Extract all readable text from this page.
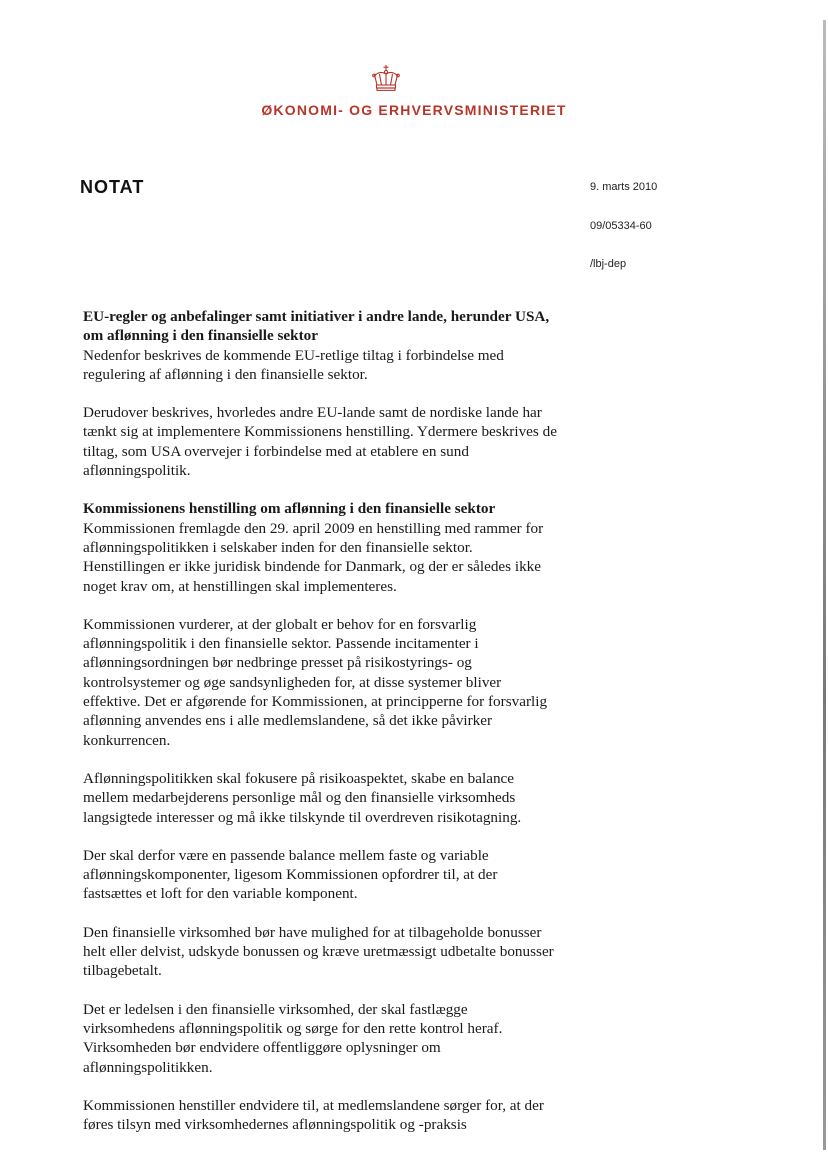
ØKONOMI- OG ERHVERVSMINISTERIET
NOTAT	9. marts 2010
09/05334-60
/lbj-dep
EU-regler og anbefalinger samt initiativer i andre lande, herunder USA, om aflønning i den finansielle sektor

Nedenfor beskrives de kommende EU-retlige tiltag i forbindelse med regulering af aflønning i den finansielle sektor.

Derudover beskrives, hvorledes andre EU-lande samt de nordiske lande har tænkt sig at implementere Kommissionens henstilling. Ydermere beskrives de tiltag, som USA overvejer i forbindelse med at etablere en sund aflønningspolitik.

Kommissionens henstilling om aflønning i den finansielle sektor

Kommissionen fremlagde den 29. april 2009 en henstilling med rammer for aflønningspolitikken i selskaber inden for den finansielle sektor. Henstillingen er ikke juridisk bindende for Danmark, og der er således ikke noget krav om, at henstillingen skal implementeres.

Kommissionen vurderer, at der globalt er behov for en forsvarlig aflønningspolitik i den finansielle sektor. Passende incitamenter i aflønningsordningen bør nedbringe presset på risikostyrings- og kontrolsystemer og øge sandsynligheden for, at disse systemer bliver effektive. Det er afgørende for Kommissionen, at principperne for forsvarlig aflønning anvendes ens i alle medlemslandene, så det ikke påvirker konkurrencen.

Aflønningspolitikken skal fokusere på risikoaspektet, skabe en balance mellem medarbejderens personlige mål og den finansielle virksomheds langsigtede interesser og må ikke tilskynde til overdreven risikotagning.

Der skal derfor være en passende balance mellem faste og variable aflønningskomponenter, ligesom Kommissionen opfordrer til, at der fastsættes et loft for den variable komponent.

Den finansielle virksomhed bør have mulighed for at tilbageholde bonusser helt eller delvist, udskyde bonussen og kræve uretmæssigt udbetalte bonusser tilbagebetalt.

Det er ledelsen i den finansielle virksomhed, der skal fastlægge virksomhedens aflønningspolitik og sørge for den rette kontrol heraf. Virksomheden bør endvidere offentliggøre oplysninger om aflønningspolitikken.

Kommissionen henstiller endvidere til, at medlemslandene sørger for, at der føres tilsyn med virksomhedernes aflønningspolitik og -praksis
